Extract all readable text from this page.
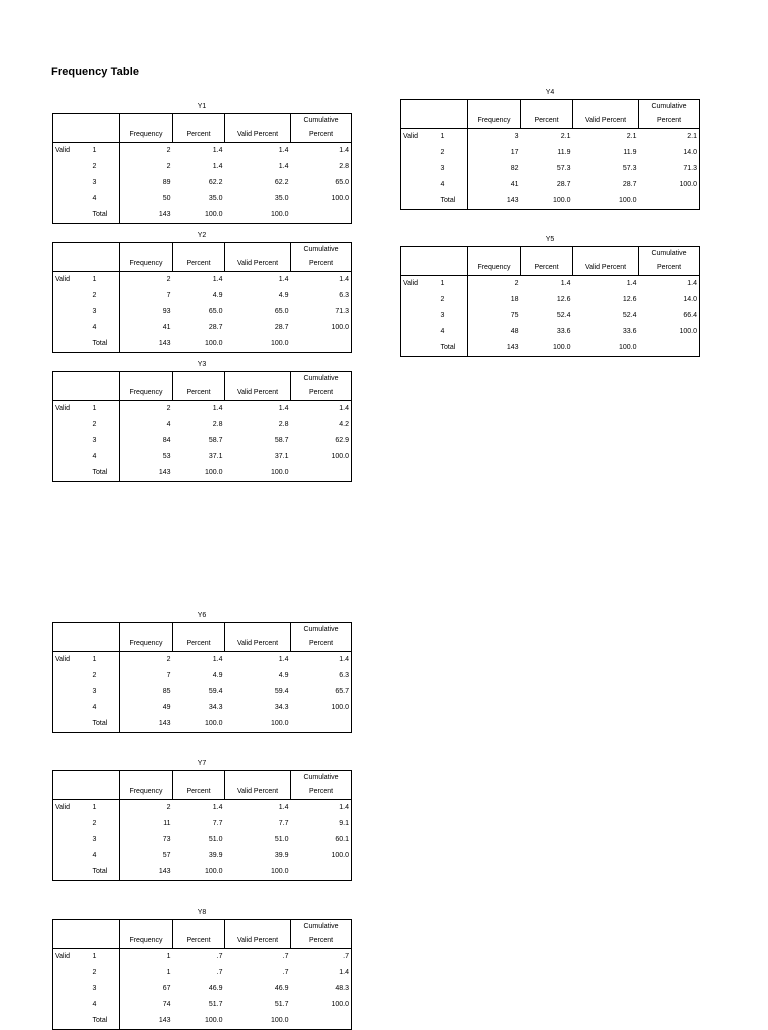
Frequency Table
Y1
					Cumulative
		Frequency	Percent	Valid Percent	Percent
Valid	1	2	1.4	1.4	1.4
	2	2	1.4	1.4	2.8
	3	89	62.2	62.2	65.0
	4	50	35.0	35.0	100.0
	Total	143	100.0	100.0	
Y2
					Cumulative
		Frequency	Percent	Valid Percent	Percent
Valid	1	2	1.4	1.4	1.4
	2	7	4.9	4.9	6.3
	3	93	65.0	65.0	71.3
	4	41	28.7	28.7	100.0
	Total	143	100.0	100.0	
Y3
					Cumulative
		Frequency	Percent	Valid Percent	Percent
Valid	1	2	1.4	1.4	1.4
	2	4	2.8	2.8	4.2
	3	84	58.7	58.7	62.9
	4	53	37.1	37.1	100.0
	Total	143	100.0	100.0	
Y4
					Cumulative
		Frequency	Percent	Valid Percent	Percent
Valid	1	3	2.1	2.1	2.1
	2	17	11.9	11.9	14.0
	3	82	57.3	57.3	71.3
	4	41	28.7	28.7	100.0
	Total	143	100.0	100.0	
Y5
					Cumulative
		Frequency	Percent	Valid Percent	Percent
Valid	1	2	1.4	1.4	1.4
	2	18	12.6	12.6	14.0
	3	75	52.4	52.4	66.4
	4	48	33.6	33.6	100.0
	Total	143	100.0	100.0	
Y6
					Cumulative
		Frequency	Percent	Valid Percent	Percent
Valid	1	2	1.4	1.4	1.4
	2	7	4.9	4.9	6.3
	3	85	59.4	59.4	65.7
	4	49	34.3	34.3	100.0
	Total	143	100.0	100.0	
Y7
					Cumulative
		Frequency	Percent	Valid Percent	Percent
Valid	1	2	1.4	1.4	1.4
	2	11	7.7	7.7	9.1
	3	73	51.0	51.0	60.1
	4	57	39.9	39.9	100.0
	Total	143	100.0	100.0	
Y8
					Cumulative
		Frequency	Percent	Valid Percent	Percent
Valid	1	1	.7	.7	.7
	2	1	.7	.7	1.4
	3	67	46.9	46.9	48.3
	4	74	51.7	51.7	100.0
	Total	143	100.0	100.0	
